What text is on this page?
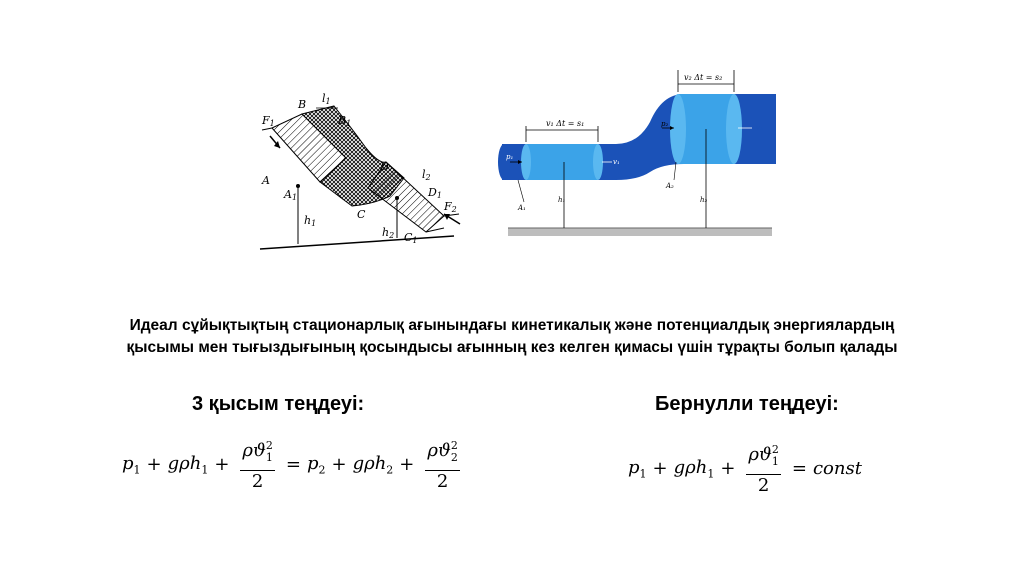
F1
B l1
B1
A
A1
h1
D
l2
D1
C
h2 C1
F2
v₁ Δt = s₁
v₂ Δt = s₂
p₁
v₁
p₂	v₂
h₁	h₂
A₁
A₂
Идеал сұйықтықтың стационарлық ағынындағы кинетикалық және потенциалдық энергиялардың
қысымы мен тығыздығының қосындысы ағынның кез келген қимасы үшін тұрақты болып қалады
3 қысым теңдеуі:	Бернулли теңдеуі:
$p_1 + g\rho h_1 + \frac{\rho ϑ^2_1}{2} = p_2 + g\rho h_2 + \frac{\rho ϑ^2_2}{2}$	$p_1 + g\rho h_1 + \frac{\rho ϑ^2_1}{2}$ = const
